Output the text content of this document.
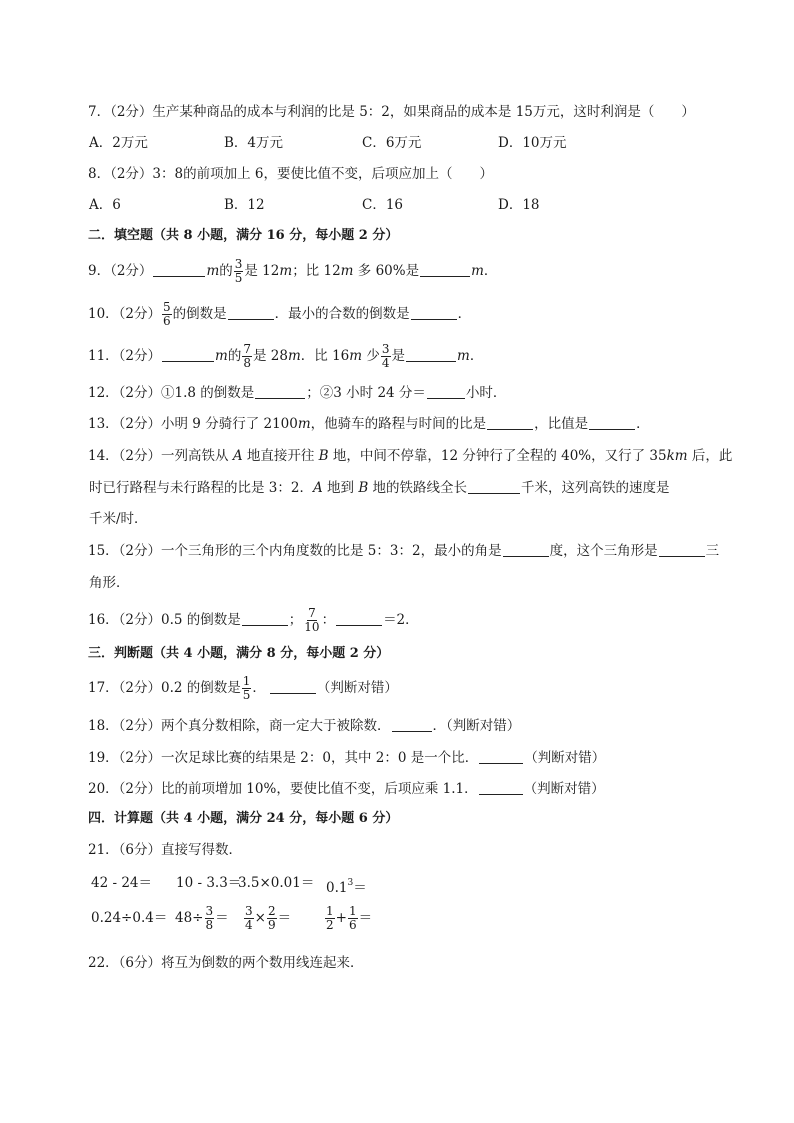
7．（2分）生产某种商品的成本与利润的比是 5：2，如果商品的成本是 15万元，这时利润是（　　）
A．2万元	B．4万元	C．6万元	D．10万元
8．（2分）3：8的前项加上 6，要使比值不变，后项应加上（　　）
A．6	B．12	C．16	D．18
二．填空题（共 8 小题，满分 16 分，每小题 2 分）
9．（2分）	m的 $\frac{3}{5}$ 是 12m；比 12m 多 60%是	m．
10．（2分） $\frac{5}{6}$ 的倒数是	．最小的合数的倒数是	．
11．（2分）	m的 $\frac{7}{8}$ 是 28m．比 16m 少 $\frac{3}{4}$ 是	m．
12．（2分）①1.8 的倒数是	；②3 小时 24 分＝	小时．
13．（2分）小明 9 分骑行了 2100m，他骑车的路程与时间的比是	，比值是	．
14．（2分）一列高铁从 A 地直接开往 B 地，中间不停靠，12 分钟行了全程的 40%，又行了 35km 后，此
时已行路程与未行路程的比是 3：2．A 地到 B 地的铁路线全长	千米，这列高铁的速度是
千米/时．
15．（2分）一个三角形的三个内角度数的比是 5：3：2，最小的角是	度，这个三角形是	三
角形．
16．（2分）0.5 的倒数是	； $\frac{7}{10}$ ：	＝2．
三．判断题（共 4 小题，满分 8 分，每小题 2 分）
17．（2分）0.2 的倒数是 $\frac{1}{5}$ ．	（判断对错）
18．（2分）两个真分数相除，商一定大于被除数．	．（判断对错）
19．（2分）一次足球比赛的结果是 2：0，其中 2：0 是一个比．	（判断对错）
20．（2分）比的前项增加 10%，要使比值不变，后项应乘 1.1．	（判断对错）
四．计算题（共 4 小题，满分 24 分，每小题 6 分）
21．（6分）直接写得数．
42 - 24＝ 10 - 3.3＝
$3.5\times 0.01= 0.1^3=$
$0.24\div 0.4= 48\div \frac{3}{8} = \frac{3}{4} \times \frac{2}{9}$ ＝	$\frac{1}{2} + \frac{1}{6}$ ＝
22．（6分）将互为倒数的两个数用线连起来．
